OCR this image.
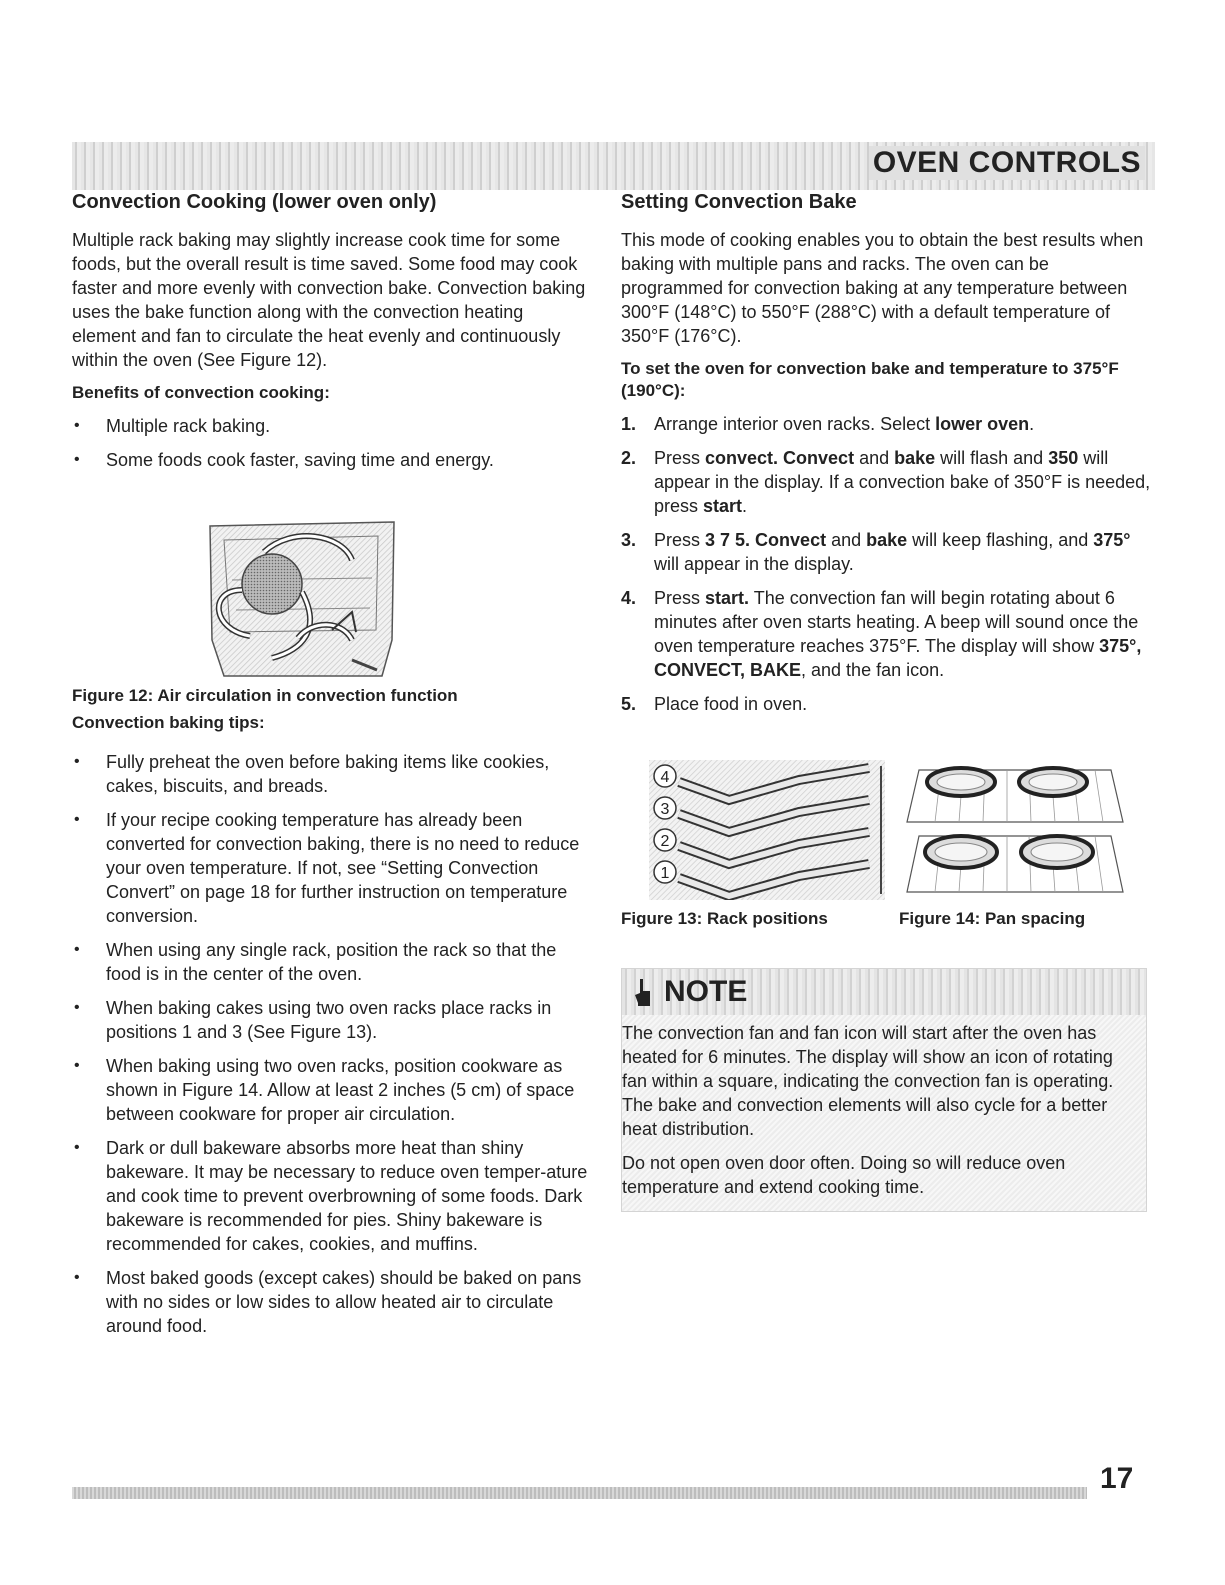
OVEN CONTROLS
Convection Cooking (lower oven only)

Multiple rack baking may slightly increase cook time for some foods, but the overall result is time saved. Some food may cook faster and more evenly with convection bake. Convection baking uses the bake function along with the convection heating element and fan to circulate the heat evenly and continuously within the oven (See Figure 12).

Benefits of convection cooking:
• Multiple rack baking.
• Some foods cook faster, saving time and energy.
Figure 12: Air circulation in convection function
Convection baking tips:
• Fully preheat the oven before baking items like cookies, cakes, biscuits, and breads.
• If your recipe cooking temperature has already been converted for convection baking, there is no need to reduce your oven temperature. If not, see “Setting Convection Convert” on page 18 for further instruction on temperature conversion.
• When using any single rack, position the rack so that the food is in the center of the oven.
• When baking cakes using two oven racks place racks in positions 1 and 3 (See Figure 13).
• When baking using two oven racks, position cookware as shown in Figure 14. Allow at least 2 inches (5 cm) of space between cookware for proper air circulation.
• Dark or dull bakeware absorbs more heat than shiny bakeware. It may be necessary to reduce oven temper-ature and cook time to prevent overbrowning of some foods. Dark bakeware is recommended for pies. Shiny bakeware is recommended for cakes, cookies, and muffins.
• Most baked goods (except cakes) should be baked on pans with no sides or low sides to allow heated air to circulate around food.
Setting Convection Bake

This mode of cooking enables you to obtain the best results when baking with multiple pans and racks. The oven can be programmed for convection baking at any temperature between 300°F (148°C) to 550°F (288°C) with a default temperature of 350°F (176°C).

To set the oven for convection bake and temperature to 375°F (190°C):
1. Arrange interior oven racks. Select lower oven.
2. Press convect. Convect and bake will flash and 350 will appear in the display. If a convection bake of 350°F is needed, press start.
3. Press 3 7 5. Convect and bake will keep flashing, and 375° will appear in the display.
4. Press start. The convection fan will begin rotating about 6 minutes after oven starts heating. A beep will sound once the oven temperature reaches 375°F. The display will show 375°, CONVECT, BAKE, and the fan icon.
5. Place food in oven.
4
3
2
1
Figure 13: Rack positions	Figure 14: Pan spacing
NOTE

The convection fan and fan icon will start after the oven has heated for 6 minutes. The display will show an icon of rotating fan within a square, indicating the convection fan is operating. The bake and convection elements will also cycle for a better heat distribution.

Do not open oven door often. Doing so will reduce oven temperature and extend cooking time.

17
